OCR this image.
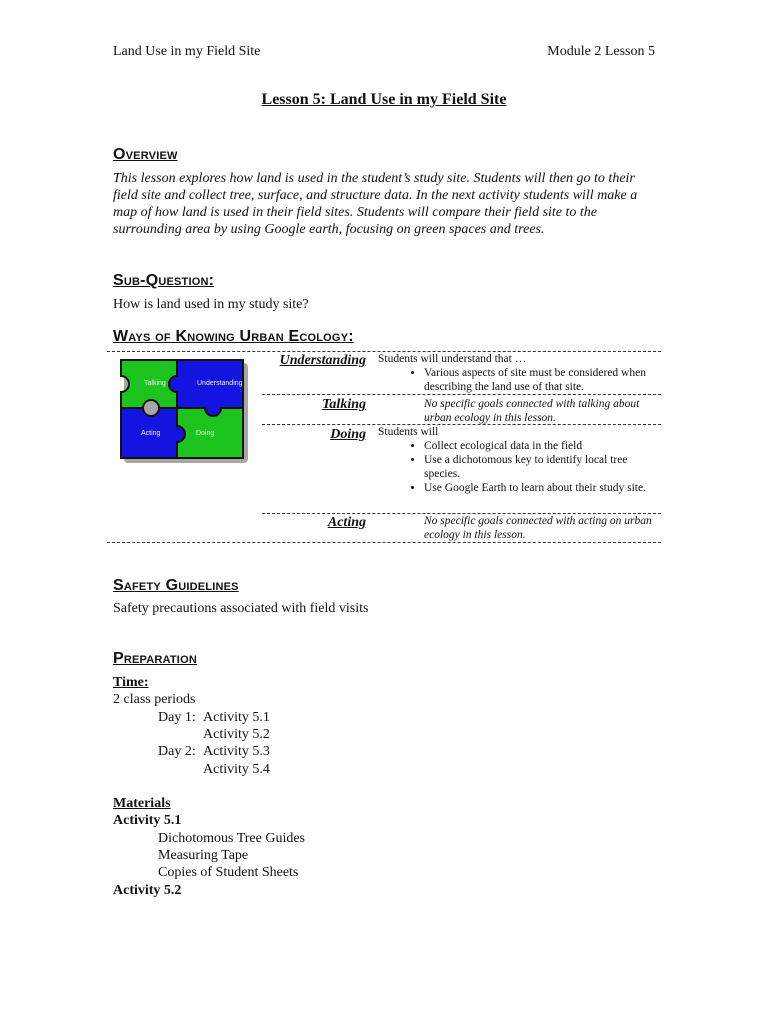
Land Use in my Field Site	Module 2 Lesson 5
Lesson 5: Land Use in my Field Site
Overview
This lesson explores how land is used in the student’s study site. Students will then go to their field site and collect tree, surface, and structure data. In the next activity students will make a map of how land is used in their field sites. Students will compare their field site to the surrounding area by using Google earth, focusing on green spaces and trees.
Sub-Question:
How is land used in my study site?
Ways of Knowing Urban Ecology:
Talking	Understanding
Acting	Doing
Understanding Students will understand that …
• Various aspects of site must be considered when describing the land use of that site.
Talking	No specific goals connected with talking about urban ecology in this lesson.
Doing Students will
• Collect ecological data in the field
• Use a dichotomous key to identify local tree species.
• Use Google Earth to learn about their study site.
Acting	No specific goals connected with acting on urban ecology in this lesson.
Safety Guidelines
Safety precautions associated with field visits
Preparation
Time:
2 class periods
Day 1: Activity 5.1
Activity 5.2
Day 2: Activity 5.3
Activity 5.4
Materials
Activity 5.1
Dichotomous Tree Guides
Measuring Tape
Copies of Student Sheets
Activity 5.2
